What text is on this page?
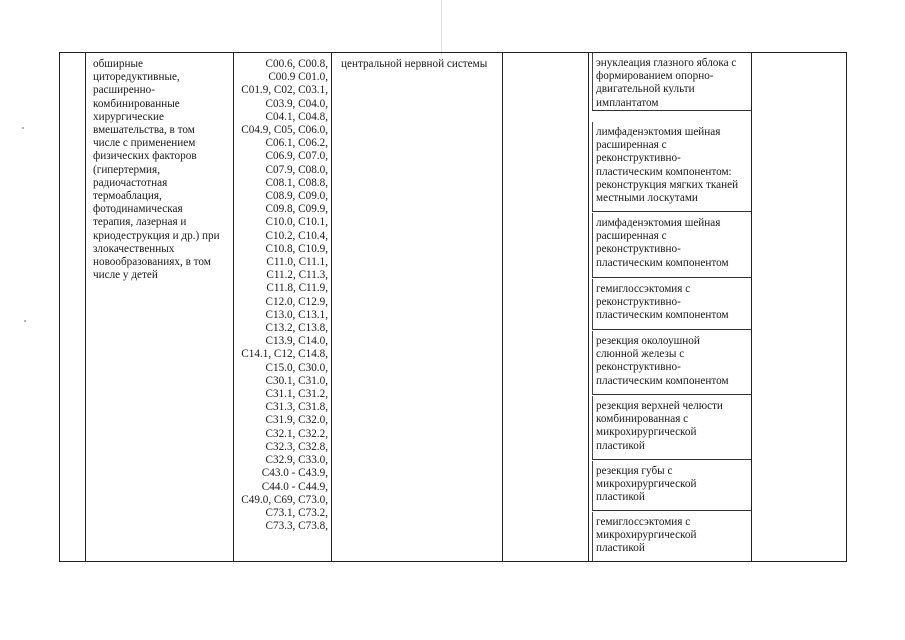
обширные
циторедуктивные,
расширенно-
комбинированные
хирургические
вмешательства, в том
числе с применением
физических факторов
(гипертермия,
радиочастотная
термоаблация,
фотодинамическая
терапия, лазерная и
криодеструкция и др.) при
злокачественных
новообразованиях, в том
числе у детей
C00.6, C00.8,
C00.9 C01.0,
C01.9, C02, C03.1,
C03.9, C04.0,
C04.1, C04.8,
C04.9, C05, C06.0,
C06.1, C06.2,
C06.9, C07.0,
C07.9, C08.0,
C08.1, C08.8,
C08.9, C09.0,
C09.8, C09.9,
C10.0, C10.1,
C10.2, C10.4,
C10.8, C10.9,
C11.0, C11.1,
C11.2, C11.3,
C11.8, C11.9,
C12.0, C12.9,
C13.0, C13.1,
C13.2, C13.8,
C13.9, C14.0,
C14.1, C12, C14.8,
C15.0, C30.0,
C30.1, C31.0,
C31.1, C31.2,
C31.3, C31.8,
C31.9, C32.0,
C32.1, C32.2,
C32.3, C32.8,
C32.9, C33.0,
C43.0 - C43.9,
C44.0 - C44.9,
C49.0, C69, C73.0,
C73.1, C73.2,
C73.3, C73.8,
центральной нервной системы	энуклеация глазного яблока с
формированием опорно-
двигательной культи
имплантатом
лимфаденэктомия шейная
расширенная с
реконструктивно-
пластическим компонентом:
реконструкция мягких тканей
местными лоскутами
лимфаденэктомия шейная
расширенная с
реконструктивно-
пластическим компонентом
гемиглоссэктомия с
реконструктивно-
пластическим компонентом
резекция околоушной
слюнной железы с
реконструктивно-
пластическим компонентом
резекция верхней челюсти
комбинированная с
микрохирургической
пластикой
резекция губы с
микрохирургической
пластикой
гемиглоссэктомия с
микрохирургической
пластикой
